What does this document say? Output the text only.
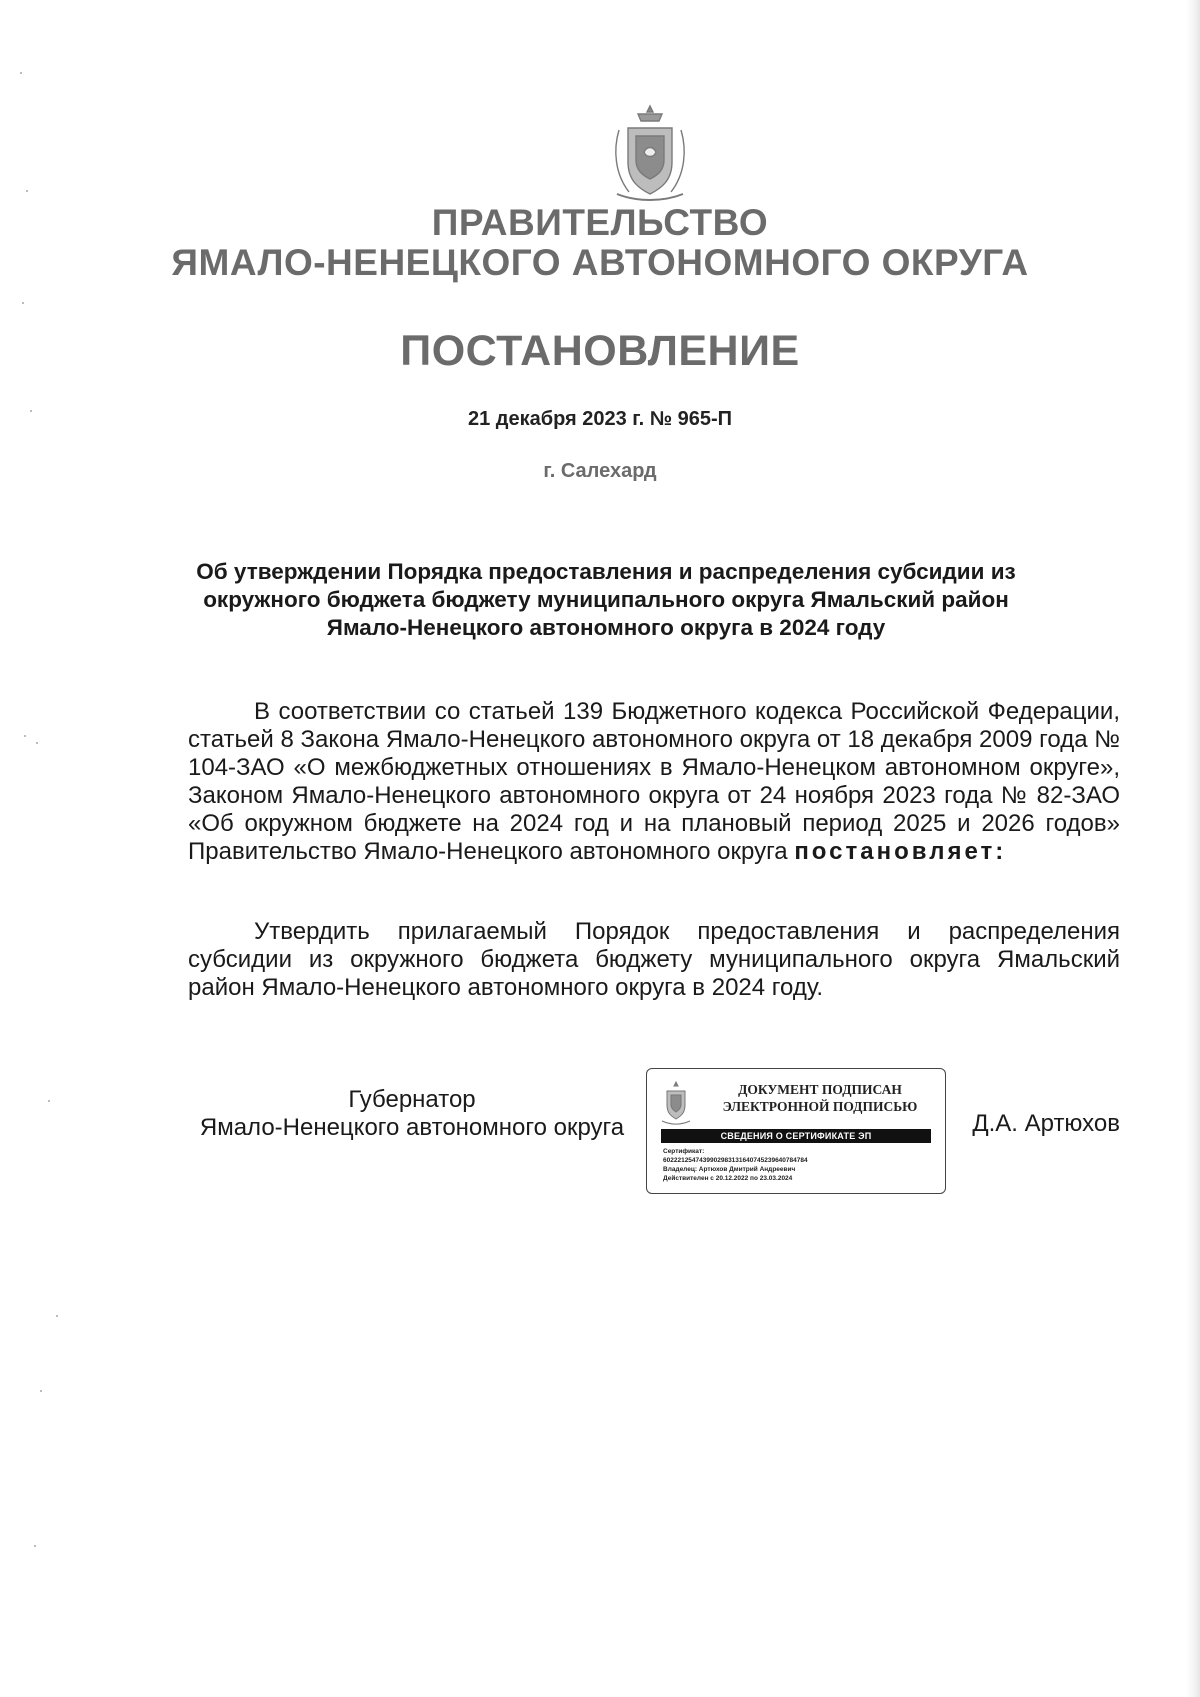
ПРАВИТЕЛЬСТВО
ЯМАЛО-НЕНЕЦКОГО АВТОНОМНОГО ОКРУГА
ПОСТАНОВЛЕНИЕ
21 декабря 2023 г. № 965-П
г. Салехард
Об утверждении Порядка предоставления и распределения субсидии из окружного бюджета бюджету муниципального округа Ямальский район Ямало-Ненецкого автономного округа в 2024 году

В соответствии со статьей 139 Бюджетного кодекса Российской Федерации, статьей 8 Закона Ямало-Ненецкого автономного округа от 18 декабря 2009 года № 104-ЗАО «О межбюджетных отношениях в Ямало-Ненецком автономном округе», Законом Ямало-Ненецкого автономного округа от 24 ноября 2023 года № 82-ЗАО «Об окружном бюджете на 2024 год и на плановый период 2025 и 2026 годов» Правительство Ямало-Ненецкого автономного округа постановляет:

Утвердить прилагаемый Порядок предоставления и распределения субсидии из окружного бюджета бюджету муниципального округа Ямальский район Ямало-Ненецкого автономного округа в 2024 году.

Губернатор
Ямало-Ненецкого автономного округа
ДОКУМЕНТ ПОДПИСАН
ЭЛЕКТРОННОЙ ПОДПИСЬЮ
СВЕДЕНИЯ О СЕРТИФИКАТЕ ЭП
Сертификат:
6022212547439902983131640745239640784784
Владелец: Артюхов Дмитрий Андреевич
Действителен с 20.12.2022 по 23.03.2024
Д.А. Артюхов
